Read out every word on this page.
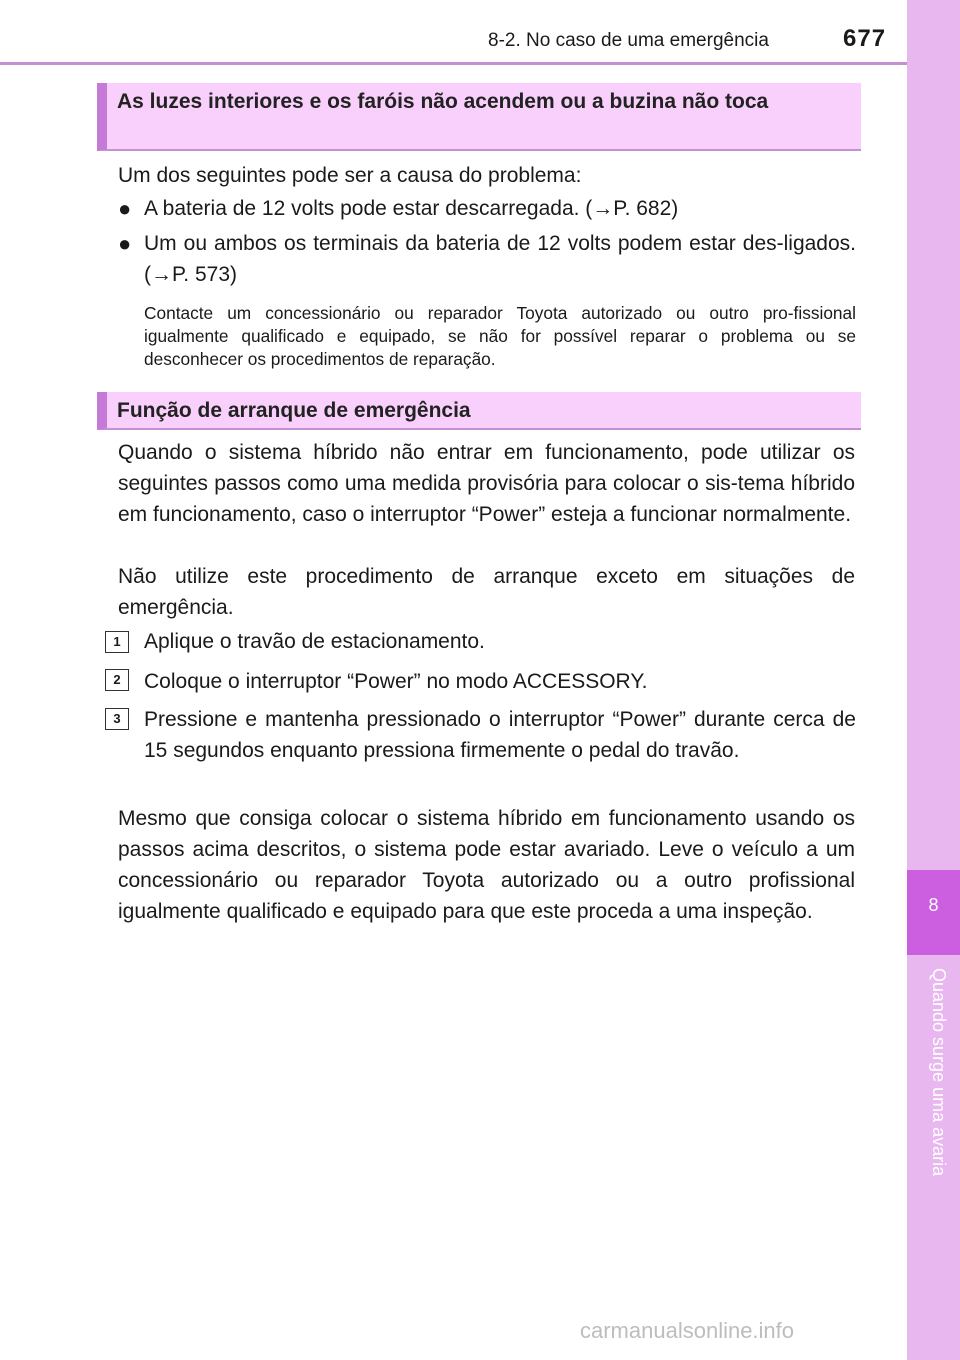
8-2. No caso de uma emergência	677
8
Quando surge uma avaria
As luzes interiores e os faróis não acendem ou a buzina não toca
Um dos seguintes pode ser a causa do problema:
● A bateria de 12 volts pode estar descarregada. (→P. 682)
● Um ou ambos os terminais da bateria de 12 volts podem estar des-ligados. (→P. 573)
Contacte um concessionário ou reparador Toyota autorizado ou outro pro-fissional igualmente qualificado e equipado, se não for possível reparar o problema ou se desconhecer os procedimentos de reparação.
Função de arranque de emergência
Quando o sistema híbrido não entrar em funcionamento, pode utilizar os seguintes passos como uma medida provisória para colocar o sis-tema híbrido em funcionamento, caso o interruptor “Power” esteja a funcionar normalmente.
Não utilize este procedimento de arranque exceto em situações de emergência.
1	Aplique o travão de estacionamento.
2	Coloque o interruptor “Power” no modo ACCESSORY.
3	Pressione e mantenha pressionado o interruptor “Power” durante cerca de 15 segundos enquanto pressiona firmemente o pedal do travão.
Mesmo que consiga colocar o sistema híbrido em funcionamento usando os passos acima descritos, o sistema pode estar avariado. Leve o veículo a um concessionário ou reparador Toyota autorizado ou a outro profissional igualmente qualificado e equipado para que este proceda a uma inspeção.
carmanualsonline.info
